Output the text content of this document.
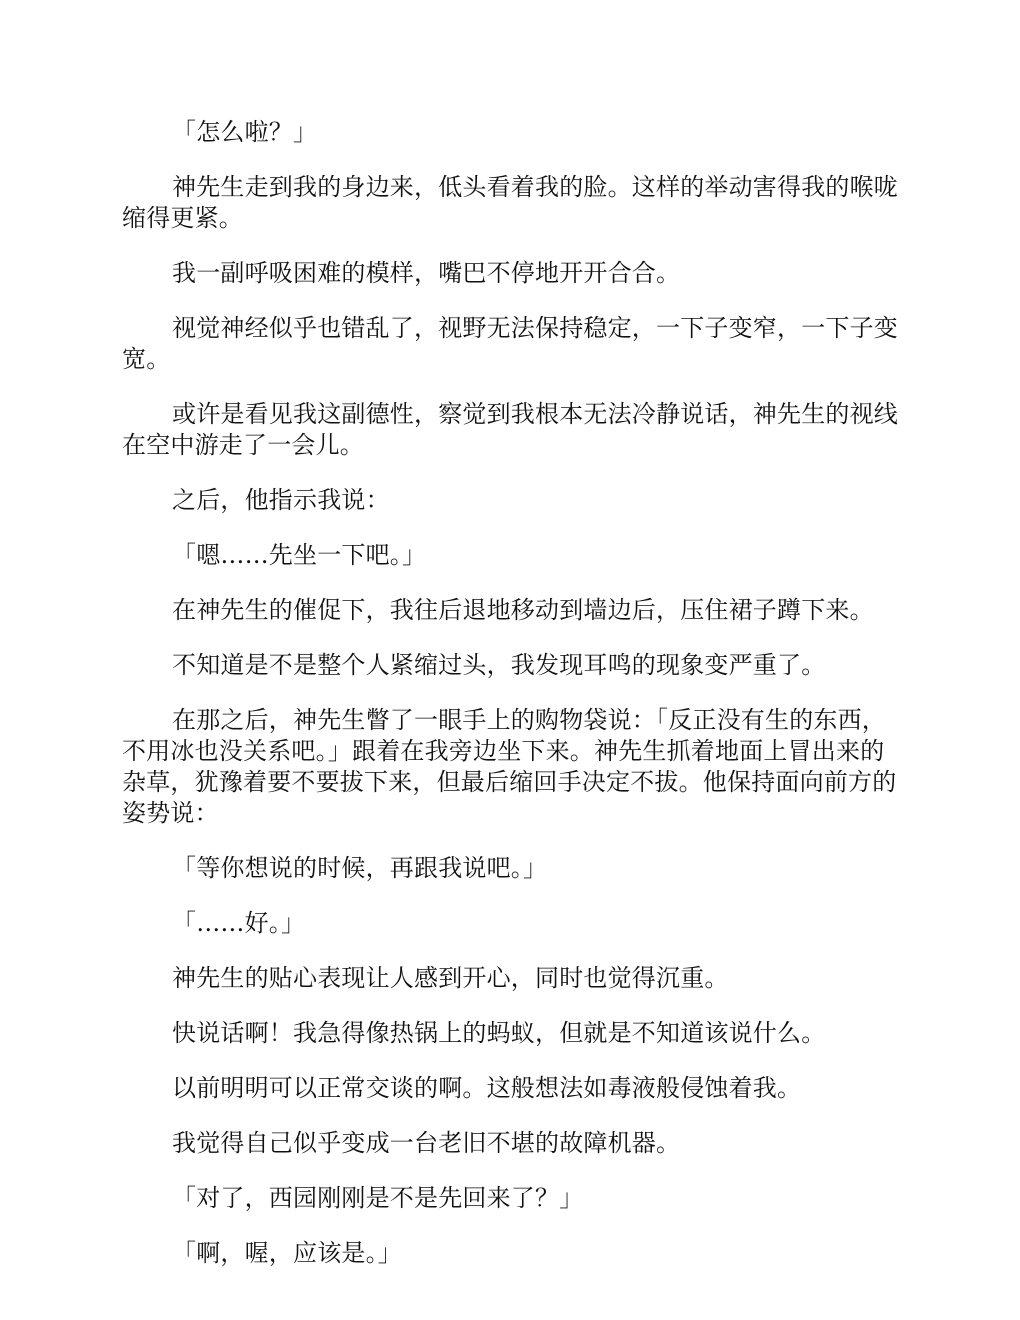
「怎么啦？」

神先生走到我的身边来，低头看着我的脸。这样的举动害得我的喉咙缩得更紧。

我一副呼吸困难的模样，嘴巴不停地开开合合。

视觉神经似乎也错乱了，视野无法保持稳定，一下子变窄，一下子变宽。

或许是看见我这副德性，察觉到我根本无法冷静说话，神先生的视线在空中游走了一会儿。

之后，他指示我说：

「嗯……先坐一下吧。」

在神先生的催促下，我往后退地移动到墙边后，压住裙子蹲下来。

不知道是不是整个人紧缩过头，我发现耳鸣的现象变严重了。

在那之后，神先生瞥了一眼手上的购物袋说：「反正没有生的东西，不用冰也没关系吧。」跟着在我旁边坐下来。神先生抓着地面上冒出来的杂草，犹豫着要不要拔下来，但最后缩回手决定不拔。他保持面向前方的姿势说：

「等你想说的时候，再跟我说吧。」

「……好。」

神先生的贴心表现让人感到开心，同时也觉得沉重。

快说话啊！我急得像热锅上的蚂蚁，但就是不知道该说什么。

以前明明可以正常交谈的啊。这般想法如毒液般侵蚀着我。

我觉得自己似乎变成一台老旧不堪的故障机器。

「对了，西园刚刚是不是先回来了？」

「啊，喔，应该是。」
